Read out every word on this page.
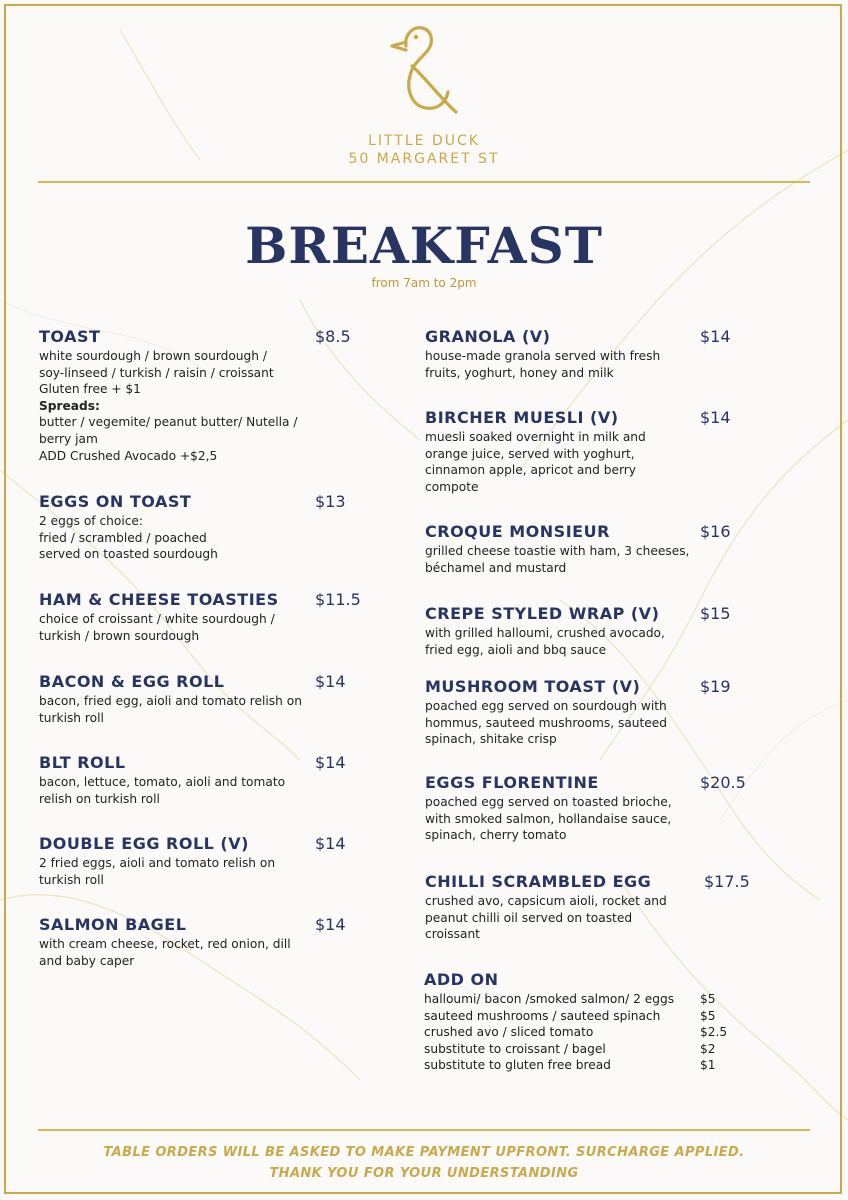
LITTLE DUCK
50 MARGARET ST
BREAKFAST
from 7am to 2pm
TOAST	$8.5
white sourdough / brown sourdough /
soy-linseed / turkish / raisin / croissant
Gluten free + $1
Spreads:
butter / vegemite/ peanut butter/ Nutella /
berry jam
ADD Crushed Avocado +$2,5
EGGS ON TOAST	$13
2 eggs of choice:
fried / scrambled / poached
served on toasted sourdough
HAM & CHEESE TOASTIES	$11.5
choice of croissant / white sourdough /
turkish / brown sourdough
BACON & EGG ROLL	$14
bacon, fried egg, aioli and tomato relish on
turkish roll
BLT ROLL	$14
bacon, lettuce, tomato, aioli and tomato
relish on turkish roll
DOUBLE EGG ROLL (V)	$14
2 fried eggs, aioli and tomato relish on
turkish roll
SALMON BAGEL	$14
with cream cheese, rocket, red onion, dill
and baby caper
GRANOLA (V)	$14
house-made granola served with fresh
fruits, yoghurt, honey and milk
BIRCHER MUESLI (V)	$14
muesli soaked overnight in milk and
orange juice, served with yoghurt,
cinnamon apple, apricot and berry
compote
CROQUE MONSIEUR	$16
grilled cheese toastie with ham, 3 cheeses,
béchamel and mustard
CREPE STYLED WRAP (V)	$15
with grilled halloumi, crushed avocado,
fried egg, aioli and bbq sauce
MUSHROOM TOAST (V)	$19
poached egg served on sourdough with
hommus, sauteed mushrooms, sauteed
spinach, shitake crisp
EGGS FLORENTINE	$20.5
poached egg served on toasted brioche,
with smoked salmon, hollandaise sauce,
spinach, cherry tomato
CHILLI SCRAMBLED EGG	$17.5
crushed avo, capsicum aioli, rocket and
peanut chilli oil served on toasted
croissant
ADD ON
halloumi/ bacon /smoked salmon/ 2 eggs $5
sauteed mushrooms / sauteed spinach	$5
crushed avo / sliced tomato	$2.5
substitute to croissant / bagel	$2
substitute to gluten free bread	$1
TABLE ORDERS WILL BE ASKED TO MAKE PAYMENT UPFRONT. SURCHARGE APPLIED.
THANK YOU FOR YOUR UNDERSTANDING
